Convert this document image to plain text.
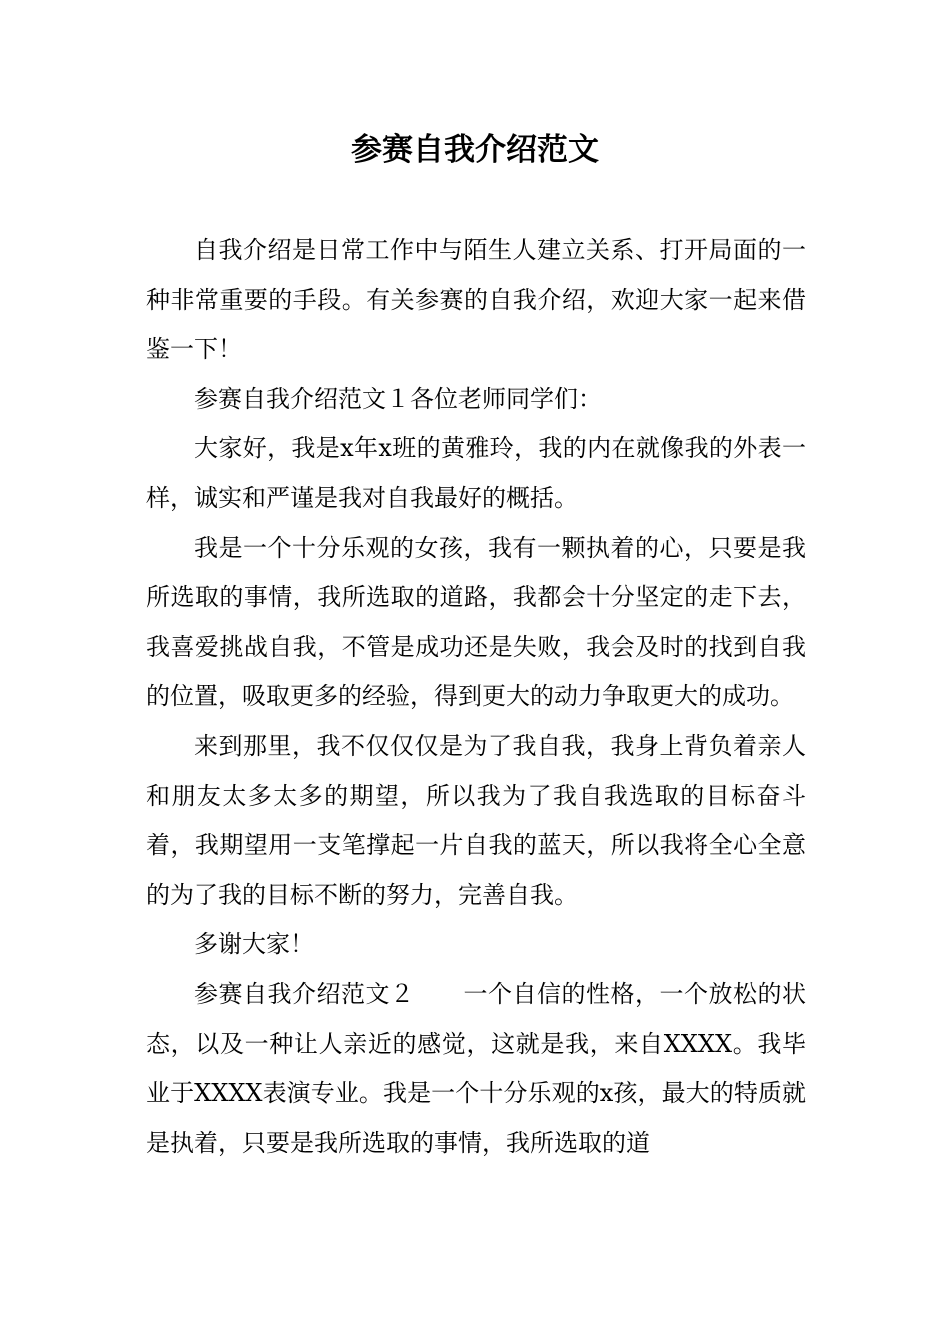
参赛自我介绍范文

自我介绍是日常工作中与陌生人建立关系、打开局面的一种非常重要的手段。有关参赛的自我介绍，欢迎大家一起来借鉴一下！

参赛自我介绍范文１各位老师同学们：

大家好，我是x年x班的黄雅玲，我的内在就像我的外表一样，诚实和严谨是我对自我最好的概括。

我是一个十分乐观的女孩，我有一颗执着的心，只要是我所选取的事情，我所选取的道路，我都会十分坚定的走下去，我喜爱挑战自我，不管是成功还是失败，我会及时的找到自我的位置，吸取更多的经验，得到更大的动力争取更大的成功。

来到那里，我不仅仅仅是为了我自我，我身上背负着亲人和朋友太多太多的期望，所以我为了我自我选取的目标奋斗着，我期望用一支笔撑起一片自我的蓝天，所以我将全心全意的为了我的目标不断的努力，完善自我。

多谢大家！

参赛自我介绍范文２　　一个自信的性格，一个放松的状态，以及一种让人亲近的感觉，这就是我，来自XXXX。我毕业于XXXX表演专业。我是一个十分乐观的x孩，最大的特质就是执着，只要是我所选取的事情，我所选取的道
